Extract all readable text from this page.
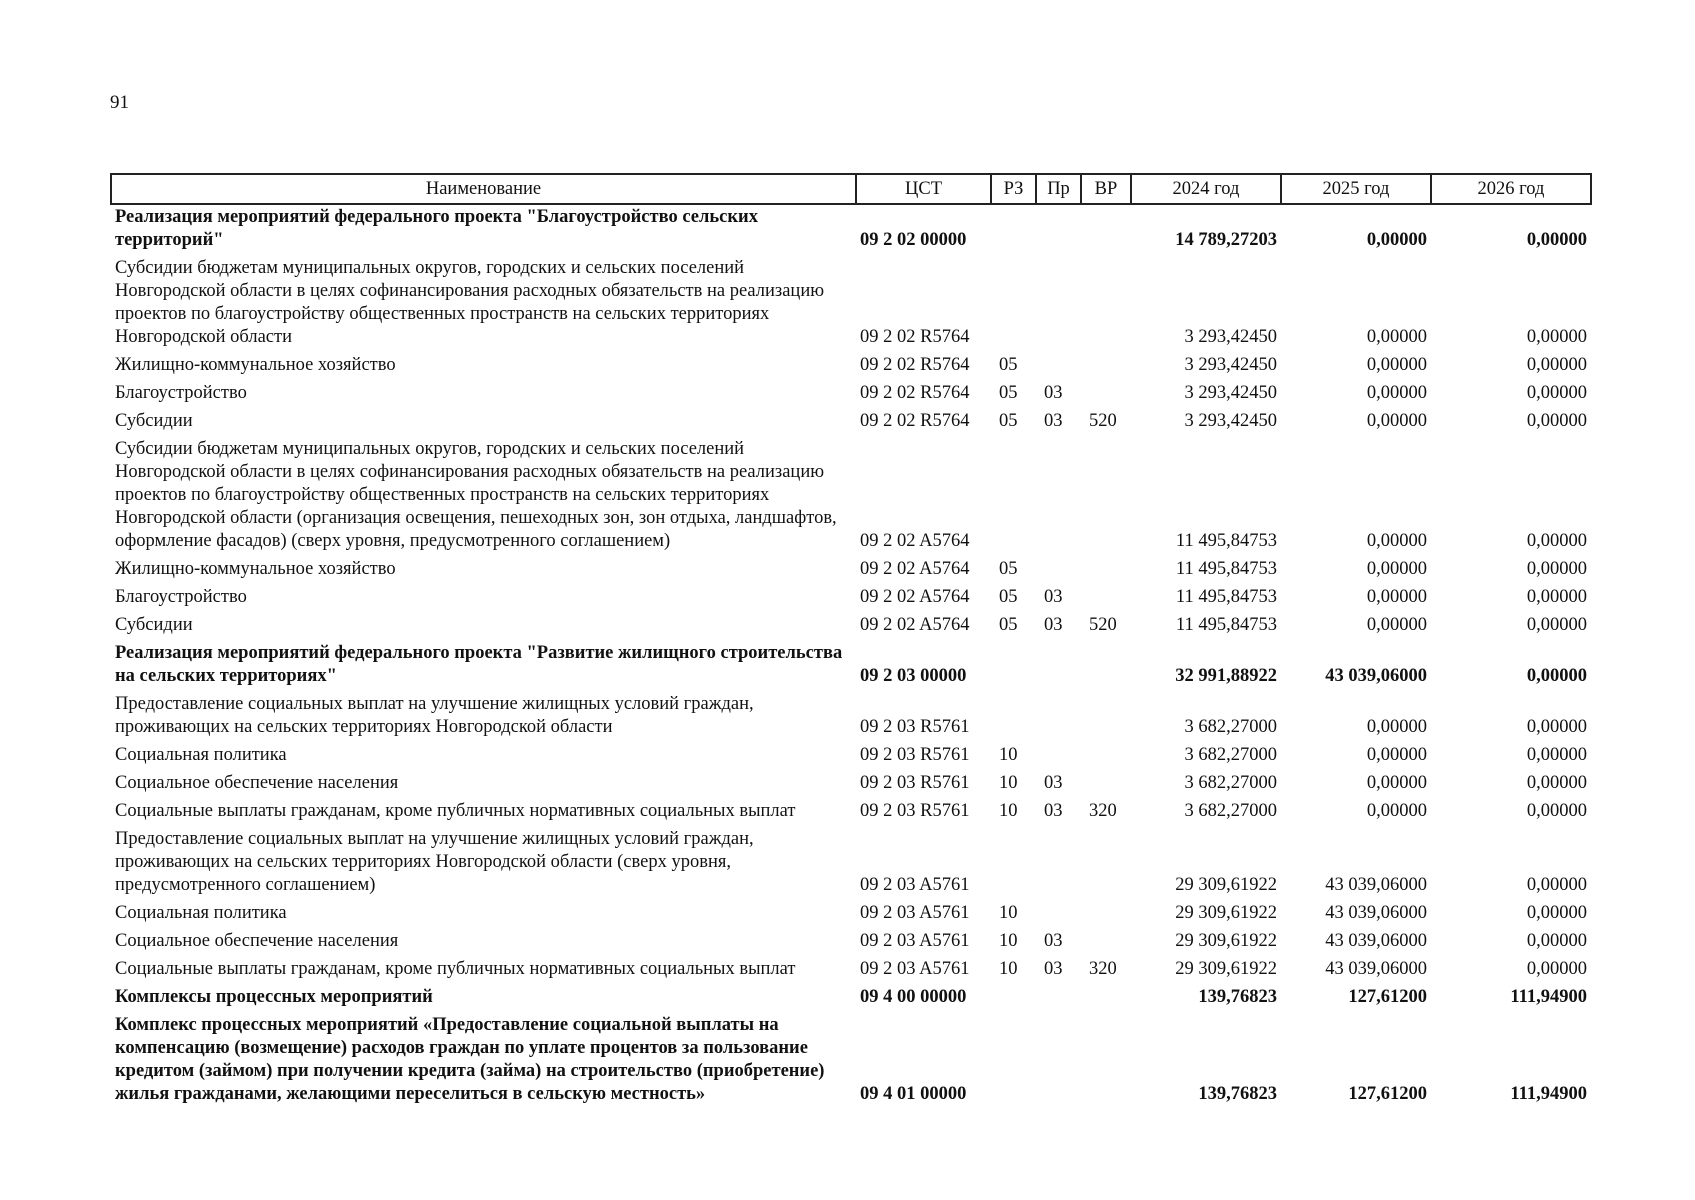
91
Наименование	ЦСТ	РЗ	Пр	ВР	2024 год	2025 год	2026 год
Реализация мероприятий федерального проекта "Благоустройство сельских территорий"	09 2 02 00000				14 789,27203	0,00000	0,00000
Субсидии бюджетам муниципальных округов, городских и сельских поселений Новгородской области в целях софинансирования расходных обязательств на реализацию проектов по благоустройству общественных пространств на сельских территориях Новгородской области	09 2 02 R5764				3 293,42450	0,00000	0,00000
Жилищно-коммунальное хозяйство	09 2 02 R5764	05			3 293,42450	0,00000	0,00000
Благоустройство	09 2 02 R5764	05	03		3 293,42450	0,00000	0,00000
Субсидии	09 2 02 R5764	05	03	520	3 293,42450	0,00000	0,00000
Субсидии бюджетам муниципальных округов, городских и сельских поселений Новгородской области в целях софинансирования расходных обязательств на реализацию проектов по благоустройству общественных пространств на сельских территориях Новгородской области (организация освещения, пешеходных зон, зон отдыха, ландшафтов, оформление фасадов) (сверх уровня, предусмотренного соглашением)	09 2 02 A5764				11 495,84753	0,00000	0,00000
Жилищно-коммунальное хозяйство	09 2 02 A5764	05			11 495,84753	0,00000	0,00000
Благоустройство	09 2 02 A5764	05	03		11 495,84753	0,00000	0,00000
Субсидии	09 2 02 A5764	05	03	520	11 495,84753	0,00000	0,00000
Реализация мероприятий федерального проекта "Развитие жилищного строительства на сельских территориях"	09 2 03 00000				32 991,88922	43 039,06000	0,00000
Предоставление социальных выплат на улучшение жилищных условий граждан, проживающих на сельских территориях Новгородской области	09 2 03 R5761				3 682,27000	0,00000	0,00000
Социальная политика	09 2 03 R5761	10			3 682,27000	0,00000	0,00000
Социальное обеспечение населения	09 2 03 R5761	10	03		3 682,27000	0,00000	0,00000
Социальные выплаты гражданам, кроме публичных нормативных социальных выплат	09 2 03 R5761	10	03	320	3 682,27000	0,00000	0,00000
Предоставление социальных выплат на улучшение жилищных условий граждан, проживающих на сельских территориях Новгородской области (сверх уровня, предусмотренного соглашением)	09 2 03 A5761				29 309,61922	43 039,06000	0,00000
Социальная политика	09 2 03 A5761	10			29 309,61922	43 039,06000	0,00000
Социальное обеспечение населения	09 2 03 A5761	10	03		29 309,61922	43 039,06000	0,00000
Социальные выплаты гражданам, кроме публичных нормативных социальных выплат	09 2 03 A5761	10	03	320	29 309,61922	43 039,06000	0,00000
Комплексы процессных мероприятий	09 4 00 00000				139,76823	127,61200	111,94900
Комплекс процессных мероприятий «Предоставление социальной выплаты на компенсацию (возмещение) расходов граждан по уплате процентов за пользование кредитом (займом) при получении кредита (займа) на строительство (приобретение) жилья гражданами, желающими переселиться в сельскую местность»	09 4 01 00000				139,76823	127,61200	111,94900
